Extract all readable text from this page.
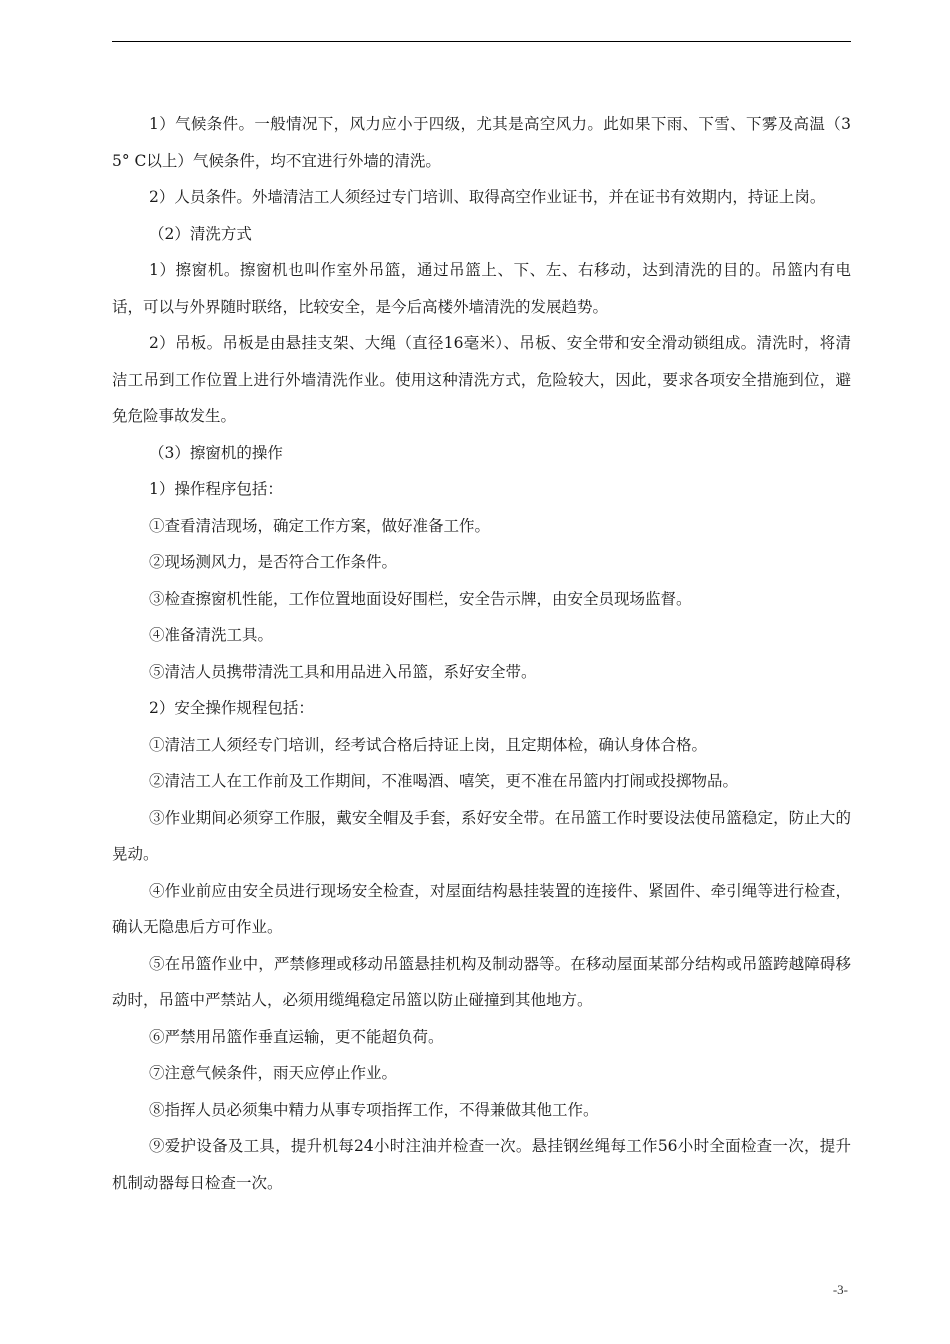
1）气候条件。一般情况下，风力应小于四级，尤其是高空风力。此如果下雨、下雪、下雾及高温（35° C以上）气候条件，均不宜进行外墙的清洗。

2）人员条件。外墙清洁工人须经过专门培训、取得高空作业证书，并在证书有效期内，持证上岗。

（2）清洗方式

1）擦窗机。擦窗机也叫作室外吊篮，通过吊篮上、下、左、右移动，达到清洗的目的。吊篮内有电话，可以与外界随时联络，比较安全，是今后高楼外墙清洗的发展趋势。

2）吊板。吊板是由悬挂支架、大绳（直径16毫米）、吊板、安全带和安全滑动锁组成。清洗时，将清洁工吊到工作位置上进行外墙清洗作业。使用这种清洗方式，危险较大，因此，要求各项安全措施到位，避免危险事故发生。

（3）擦窗机的操作

1）操作程序包括：

①查看清洁现场，确定工作方案，做好准备工作。

②现场测风力，是否符合工作条件。

③检查擦窗机性能，工作位置地面设好围栏，安全告示牌，由安全员现场监督。

④准备清洗工具。

⑤清洁人员携带清洗工具和用品进入吊篮，系好安全带。

2）安全操作规程包括：

①清洁工人须经专门培训，经考试合格后持证上岗，且定期体检，确认身体合格。

②清洁工人在工作前及工作期间，不准喝酒、嘻笑，更不准在吊篮内打闹或投掷物品。

③作业期间必须穿工作服，戴安全帽及手套，系好安全带。在吊篮工作时要设法使吊篮稳定，防止大的晃动。

④作业前应由安全员进行现场安全检查，对屋面结构悬挂装置的连接件、紧固件、牵引绳等进行检查，确认无隐患后方可作业。

⑤在吊篮作业中，严禁修理或移动吊篮悬挂机构及制动器等。在移动屋面某部分结构或吊篮跨越障碍移动时，吊篮中严禁站人，必须用缆绳稳定吊篮以防止碰撞到其他地方。

⑥严禁用吊篮作垂直运输，更不能超负荷。

⑦注意气候条件，雨天应停止作业。

⑧指挥人员必须集中精力从事专项指挥工作，不得兼做其他工作。

⑨爱护设备及工具，提升机每24小时注油并检查一次。悬挂钢丝绳每工作56小时全面检查一次，提升机制动器每日检查一次。

-3-
